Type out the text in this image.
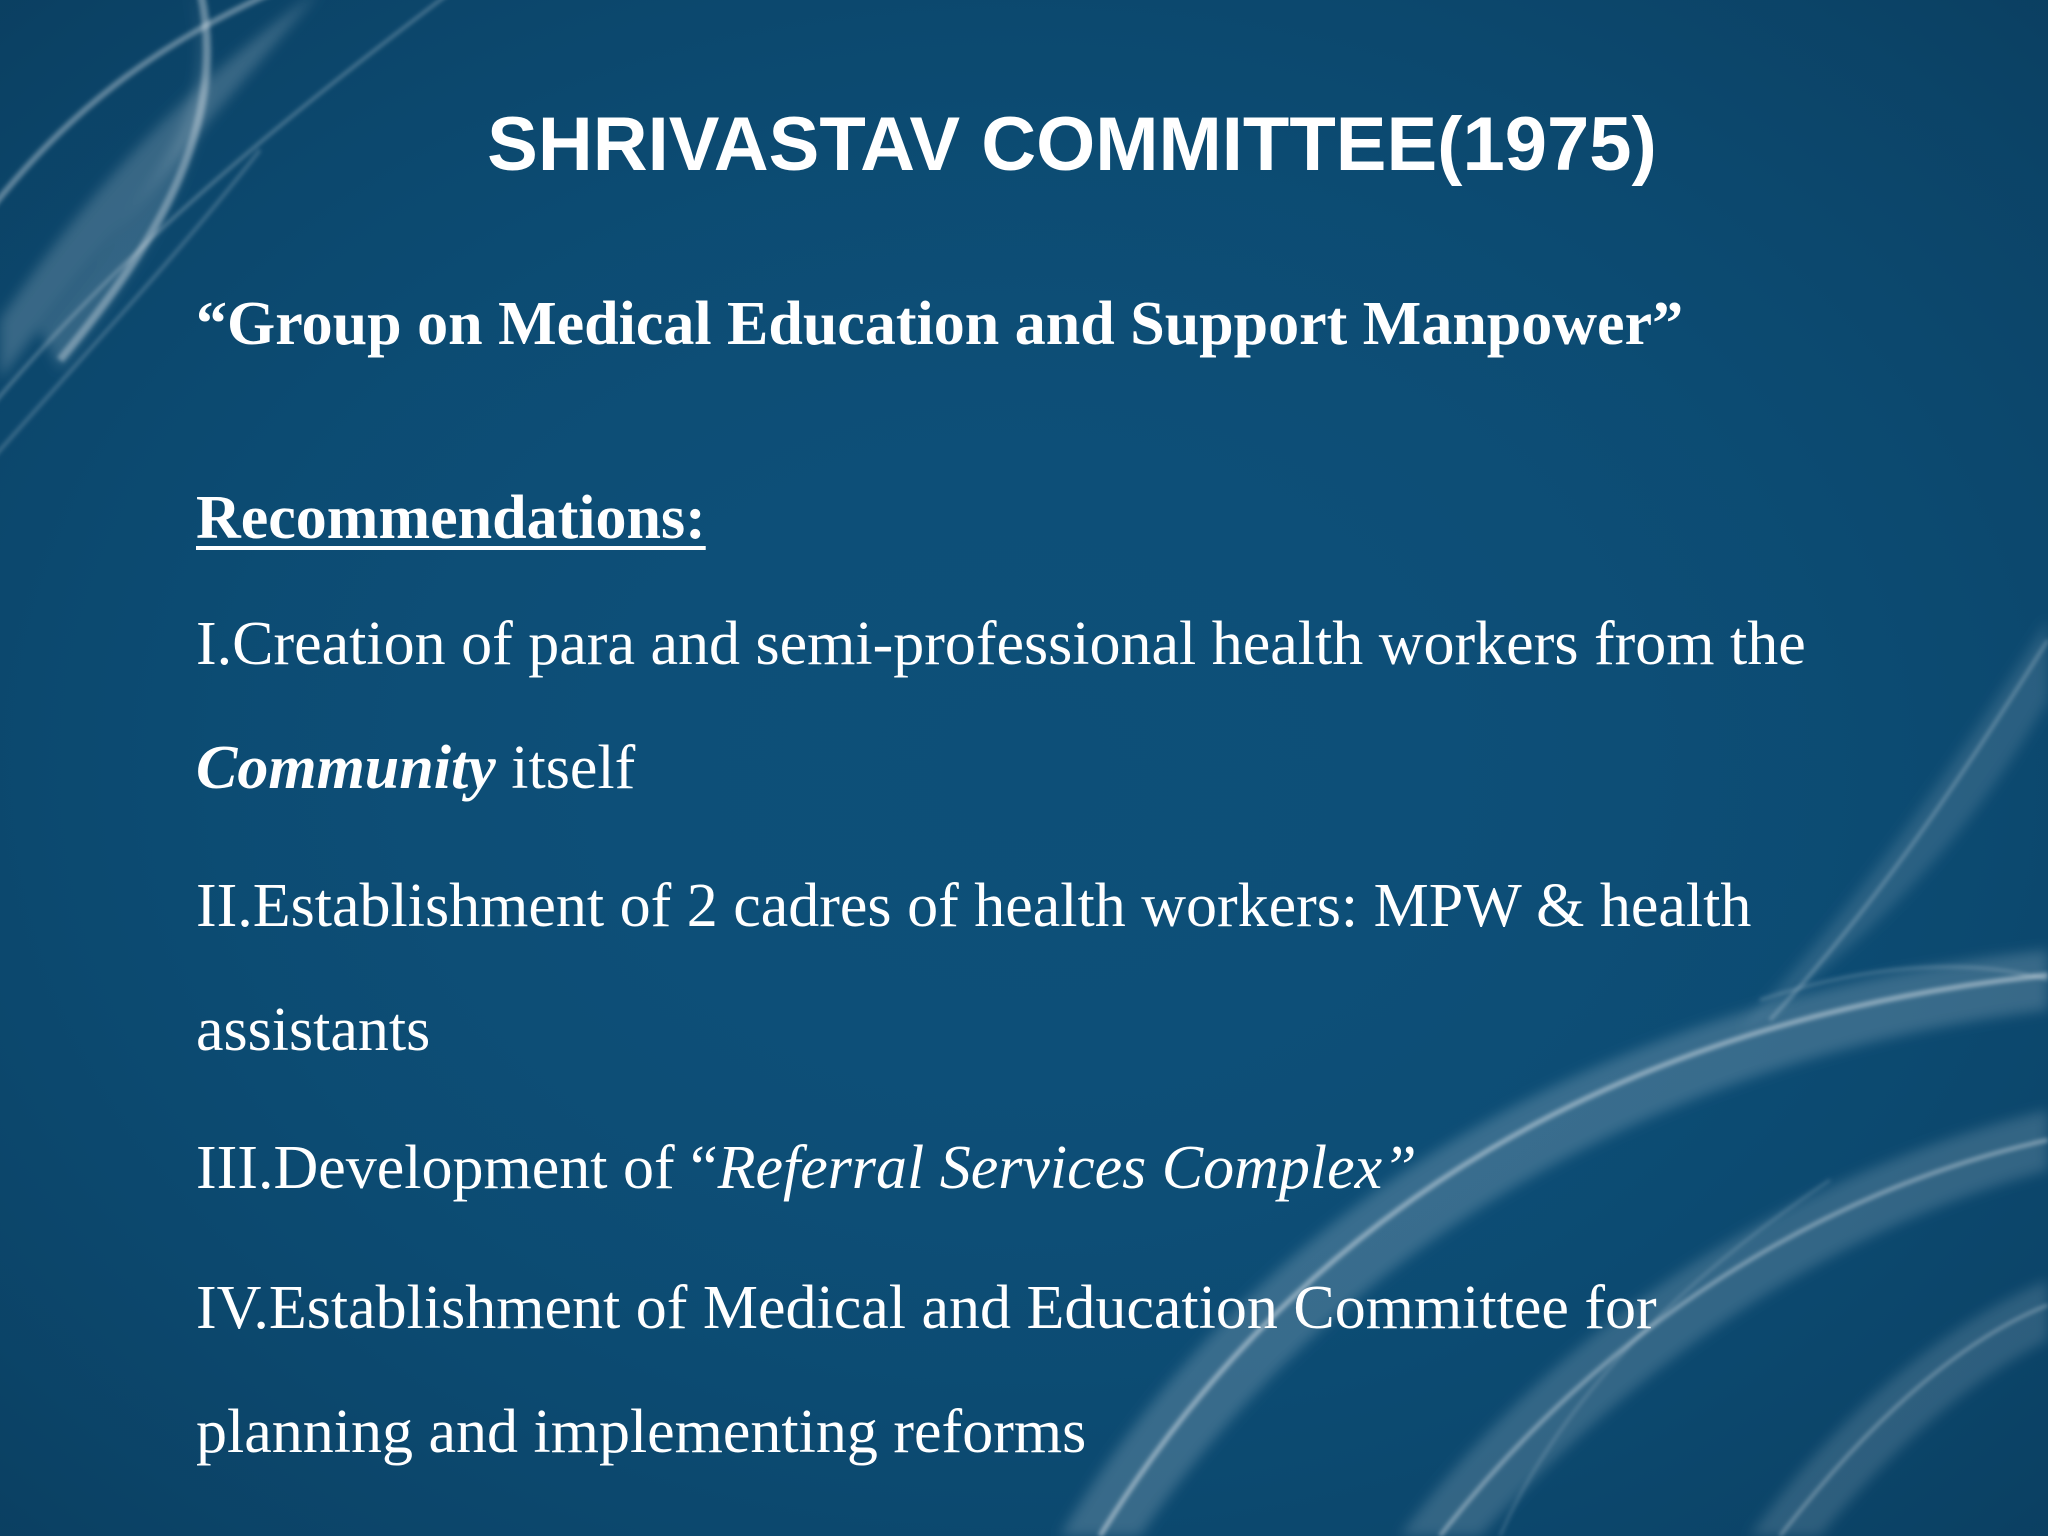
SHRIVASTAV COMMITTEE(1975)
“Group on Medical Education and Support Manpower”
Recommendations:
I.Creation of para and semi-professional health workers from the
Community itself
II.Establishment of 2 cadres of health workers: MPW & health
assistants
III.Development of “Referral Services Complex”
IV.Establishment of Medical and Education Committee for
planning and implementing reforms
